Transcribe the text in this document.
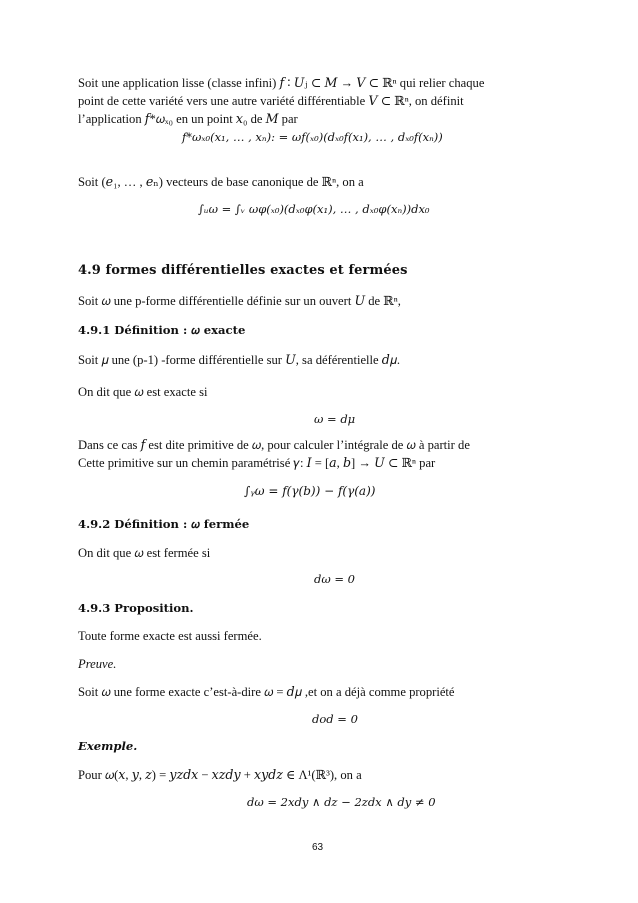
Soit une application lisse (classe infini) 𝑓 ∶ 𝑈ⱼ ⊂ 𝑀 → 𝑉 ⊂ ℝⁿ qui relier chaque
point de cette variété vers une autre variété différentiable 𝑉 ⊂ ℝⁿ, on définit
l’application 𝑓*𝜔ₓ₀ en un point 𝑥₀ de 𝑀 par
𝑓*𝜔ₓ₀(𝑥₁, … , 𝑥ₙ): = 𝜔𝑓(ₓ₀)(𝑑ₓ₀𝑓(𝑥₁), … , 𝑑ₓ₀𝑓(𝑥ₙ))
Soit (𝑒₁, … , 𝑒ₙ) vecteurs de base canonique de ℝⁿ, on a
∫ᵤ𝜔 = ∫ᵥ 𝜔𝜑(ₓ₀)(𝑑ₓ₀𝜑(𝑥₁), … , 𝑑ₓ₀𝜑(𝑥ₙ))𝑑𝑥₀
4.9 formes différentielles exactes et fermées
Soit 𝜔 une p-forme différentielle définie sur un ouvert 𝑈 de ℝⁿ,
4.9.1 Définition : 𝜔 exacte
Soit 𝜇 une (p-1) -forme différentielle sur 𝑈, sa déférentielle 𝑑𝜇.
On dit que 𝜔 est exacte si
𝜔 = 𝑑𝜇
Dans ce cas 𝑓 est dite primitive de 𝜔, pour calculer l’intégrale de 𝜔 à partir de
Cette primitive sur un chemin paramétrisé 𝛾: 𝐼 = [𝑎, 𝑏] → 𝑈 ⊂ ℝⁿ par
∫ᵧ𝜔 = 𝑓(𝛾(𝑏)) − 𝑓(𝛾(𝑎))
4.9.2 Définition : 𝜔 fermée
On dit que 𝜔 est fermée si
𝑑𝜔 = 0
4.9.3 Proposition.
Toute forme exacte est aussi fermée.
Preuve.
Soit 𝜔 une forme exacte c’est-à-dire 𝜔 = 𝑑𝜇 ,et on a déjà comme propriété
𝑑𝑜𝑑 = 0
Exemple.
Pour 𝜔(𝑥, 𝑦, 𝑧) = 𝑦𝑧𝑑𝑥 − 𝑥𝑧𝑑𝑦 + 𝑥𝑦𝑑𝑧 ∈ Λ¹(ℝ³), on a
𝑑𝜔 = 2𝑥𝑑𝑦 ∧ 𝑑𝑧 − 2𝑧𝑑𝑥 ∧ 𝑑𝑦 ≠ 0
63
